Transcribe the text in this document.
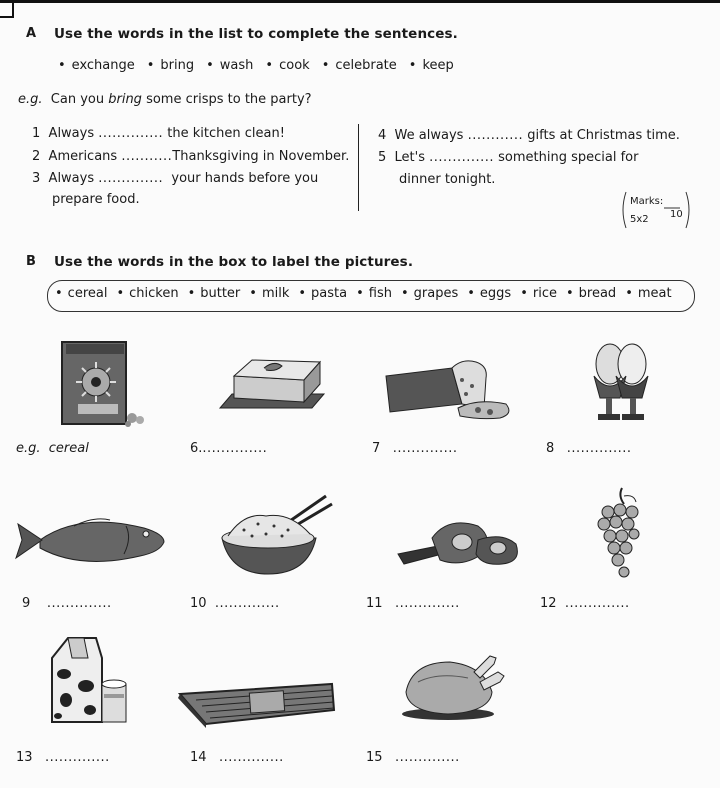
A Use the words in the list to complete the sentences.
• exchange	• bring	• wash	• cook	• celebrate	• keep
e.g. Can you bring some crisps to the party?
1 Always .............. the kitchen clean!
2 Americans ...........Thanksgiving in November.
3 Always .............. your hands before you
prepare food.
4 We always ............ gifts at Christmas time.
5 Let's .............. something special for
dinner tonight.
Marks:
5x2 10
B Use the words in the box to label the pictures.
• cereal	• chicken	• butter	• milk	• pasta	• fish	• grapes	• eggs	• rice	• bread	• meat
e.g. cereal	6...............	7 ..............	8 ..............
9 ..............	10 ..............	11 ..............	12 ..............
13 ..............	14 ..............	15 ..............
